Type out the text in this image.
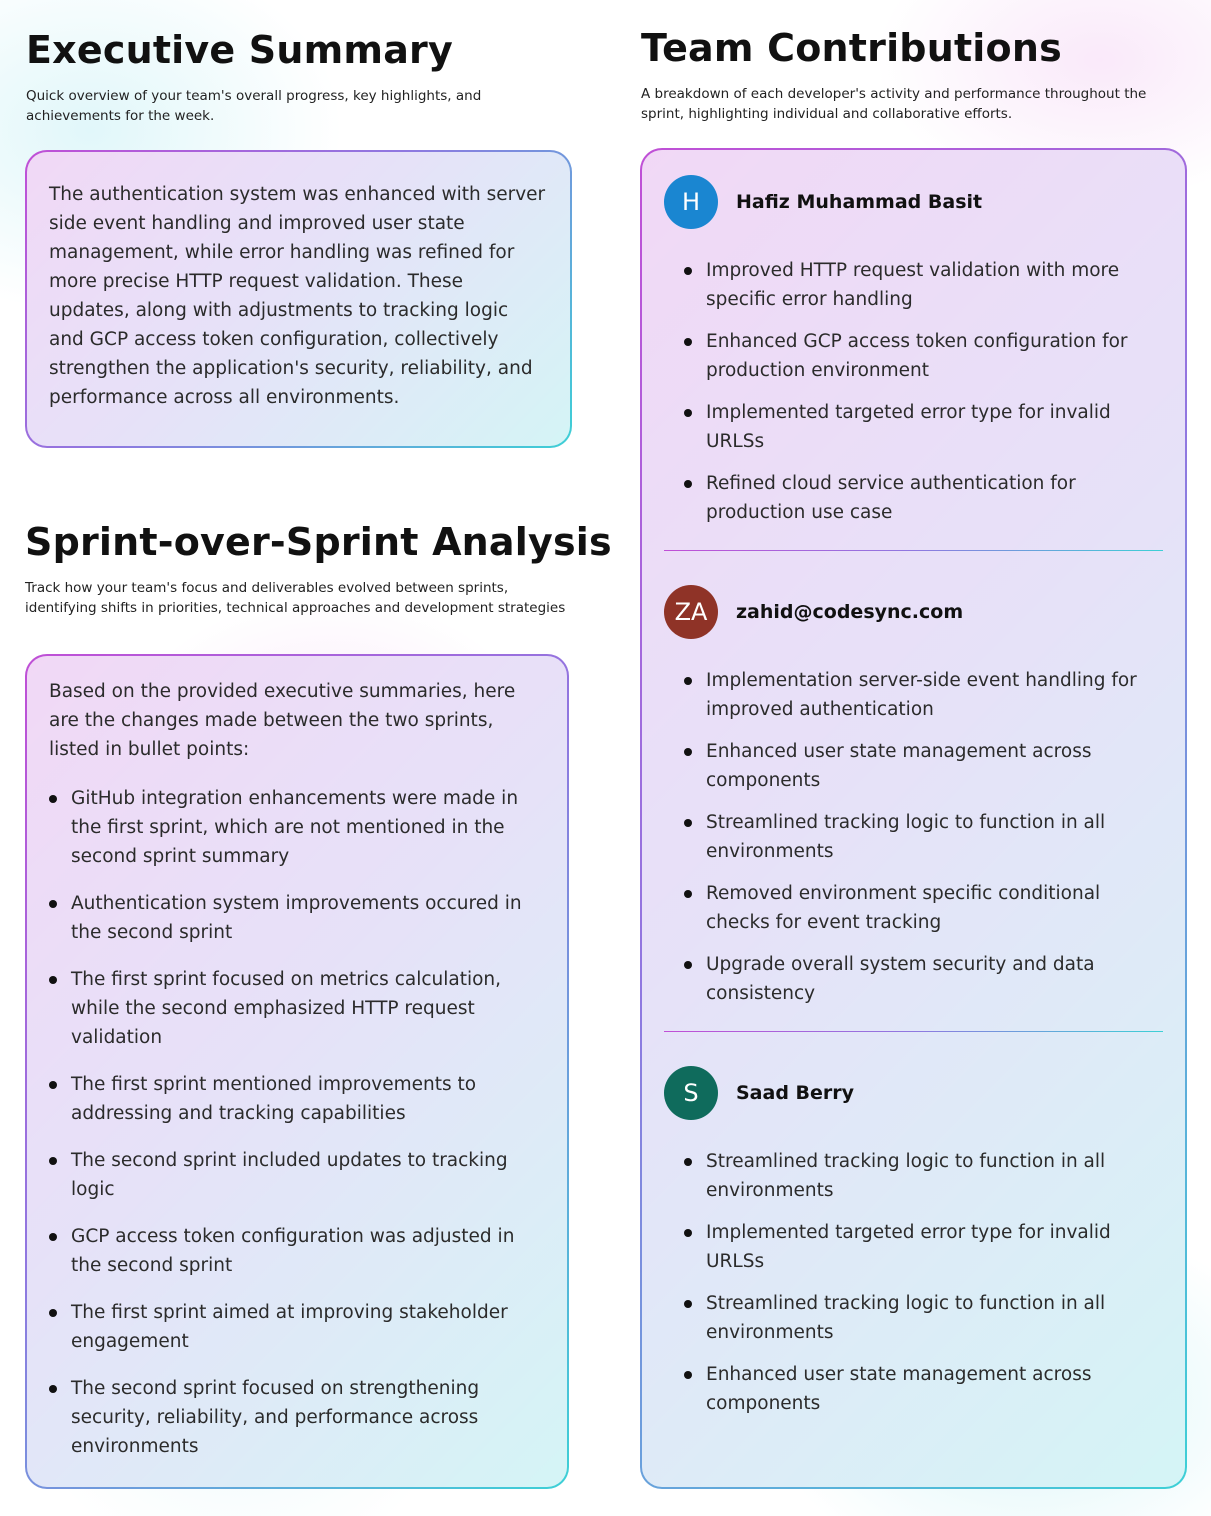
Executive Summary

Quick overview of your team's overall progress, key highlights, and achievements for the week.

The authentication system was enhanced with server side event handling and improved user state management, while error handling was refined for more precise HTTP request validation. These updates, along with adjustments to tracking logic and GCP access token configuration, collectively strengthen the application's security, reliability, and performance across all environments.

Sprint-over-Sprint Analysis

Track how your team's focus and deliverables evolved between sprints, identifying shifts in priorities, technical approaches and development strategies

Based on the provided executive summaries, here are the changes made between the two sprints, listed in bullet points:

GitHub integration enhancements were made in the first sprint, which are not mentioned in the second sprint summary
Authentication system improvements occured in the second sprint
The first sprint focused on metrics calculation, while the second emphasized HTTP request validation
The first sprint mentioned improvements to addressing and tracking capabilities
The second sprint included updates to tracking logic
GCP access token configuration was adjusted in the second sprint
The first sprint aimed at improving stakeholder engagement
The second sprint focused on strengthening security, reliability, and performance across environments
Team Contributions

A breakdown of each developer's activity and performance throughout the sprint, highlighting individual and collaborative efforts.

H	Hafiz Muhammad Basit
Improved HTTP request validation with more specific error handling
Enhanced GCP access token configuration for production environment
Implemented targeted error type for invalid URLSs
Refined cloud service authentication for production use case
ZA	zahid@codesync.com
Implementation server-side event handling for improved authentication
Enhanced user state management across components
Streamlined tracking logic to function in all environments
Removed environment specific conditional checks for event tracking
Upgrade overall system security and data consistency
S	Saad Berry
Streamlined tracking logic to function in all environments
Implemented targeted error type for invalid URLSs
Streamlined tracking logic to function in all environments
Enhanced user state management across components
